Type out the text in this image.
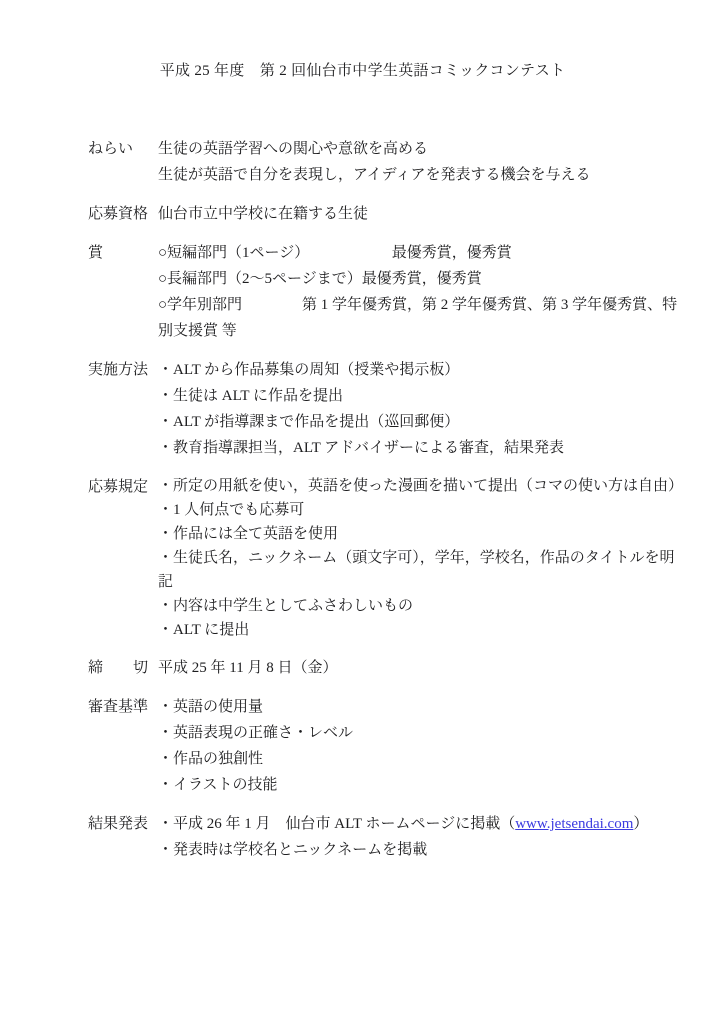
平成 25 年度　第 2 回仙台市中学生英語コミックコンテスト
ねらい	生徒の英語学習への関心や意欲を高める
生徒が英語で自分を表現し，アイディアを発表する機会を与える
応募資格 仙台市立中学校に在籍する生徒
賞	○短編部門（1ページ）　　　　　　最優秀賞，優秀賞
○長編部門（2～5ページまで）最優秀賞，優秀賞
○学年別部門　　　　第 1 学年優秀賞，第 2 学年優秀賞、第 3 学年優秀賞、特別支援賞 等
実施方法 ・ALT から作品募集の周知（授業や掲示板）
・生徒は ALT に作品を提出
・ALT が指導課まで作品を提出（巡回郵便）
・教育指導課担当，ALT アドバイザーによる審査，結果発表
応募規定 ・所定の用紙を使い，英語を使った漫画を描いて提出（コマの使い方は自由）
・1 人何点でも応募可
・作品には全て英語を使用
・生徒氏名，ニックネーム（頭文字可），学年，学校名，作品のタイトルを明記
・内容は中学生としてふさわしいもの
・ALT に提出
締　　切 平成 25 年 11 月 8 日（金）
審査基準 ・英語の使用量
・英語表現の正確さ・レベル
・作品の独創性
・イラストの技能
結果発表 ・平成 26 年 1 月　仙台市 ALT ホームページに掲載（www.jetsendai.com）
・発表時は学校名とニックネームを掲載
